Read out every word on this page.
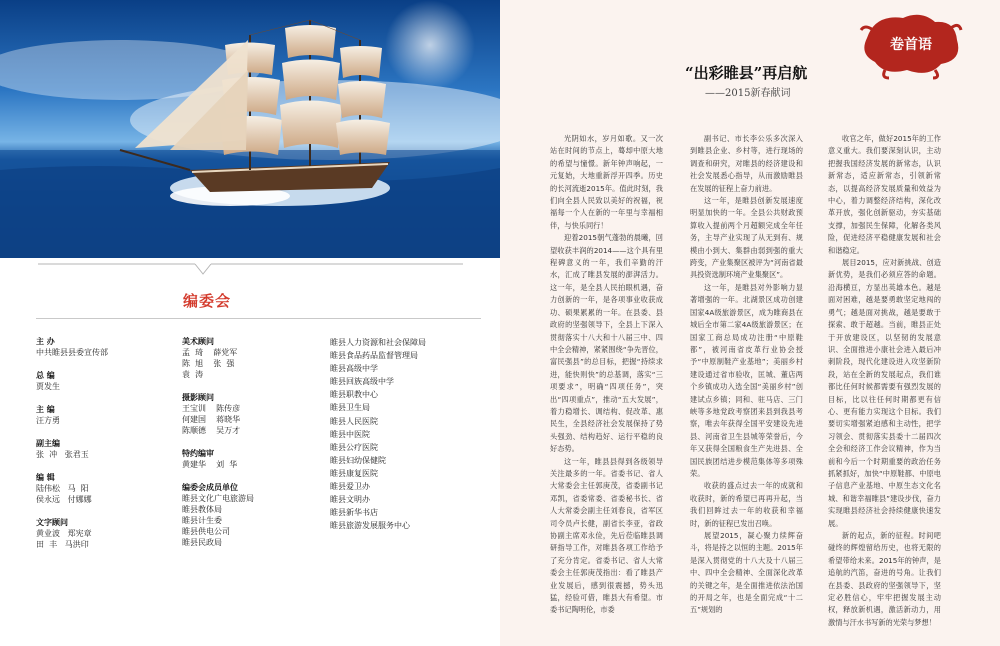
编委会
主 办
中共睢县县委宣传部
总 编
贾发生
主 编
汪方勇
副主编
张  冲   张君玉
编 辑
陆伟松   马  阳
侯永远   付娜娜
文字顾问
黄业波   郑宪章
田  丰   马洪印
美术顾问
孟  琦    薛党军
陈  旭    张  强
袁  涛
摄影顾问
王宝训    陈传彦
何建国    蒋晓华
陈顺德    吴万才
特约编审
黄建华    刘  华
编委会成员单位
睢县文化广电旅游局
睢县教体局
睢县计生委
睢县供电公司
睢县民政局
睢县人力资源和社会保障局
睢县食品药品监督管理局
睢县高级中学
睢县回族高级中学
睢县职教中心
睢县卫生局
睢县人民医院
睢县中医院
睢县公疗医院
睢县妇幼保健院
睢县康复医院
睢县爱卫办
睢县文明办
睢县新华书店
睢县旅游发展服务中心
卷首语
“出彩睢县”再启航
——2015新春献词

光阴如水，岁月如歌。又一次站在时间的节点上，蓦却中原大地的希望与憧憬。新年钟声响起，一元复始，大地重新浮开四季。历史的长河流逝2015年。值此时刻，我们向全县人民致以美好的祝福，祝福每一个人在新的一年里与幸福相伴，与快乐同行！

迎着2015朝气蓬勃的晨曦，回望收获丰润的2014——这个具有里程碑意义的一年，我们辛勤的汗水，汇成了睢县发展的澎湃活力。这一年，是全县人民拍眼机遇，奋力创新的一年，是各项事业收获成功、硕果累累的一年。在县委、县政府的坚强领导下，全县上下深入贯彻落实十八大和十八届三中、四中全会精神，紧紧围绕“争先晋位，富民强县”的总目标，把握“持续求进，能快则快”的总基调，落实“三项要求”，明确“四项任务”，突出“四项重点”，推动“五大发展”，着力稳增长、调结构、促改革、惠民生，全县经济社会发展保持了势头强劲、结构趋好、运行平稳的良好态势。

这一年，睢县县得到各级领导关注最多的一年。省委书记、省人大常委会主任郭庚茂，省委副书记邓凯，省委常委、省委秘书长、省人大常委会副主任刘春良，省军区司令员卢长健，副省长李亚，省政协副主席邓永俭，先后莅临睢县调研指导工作，对睢县各项工作给予了充分肯定。省委书记、省人大常委会主任郭庚茂指出：看了睢县产业发展后，感到很震撼，势头迅猛，经验可借，睢县大有希望。市委书记陶明伦，市委

副书记、市长李公乐多次深入到睢县企业、乡村等，进行现场的调查和研究，对睢县的经济建设和社会发展悉心指导，从而激励睢县在发展的征程上奋力前进。

这一年，是睢县创新发展速度明显加快的一年。全县公共财政预算收入提前两个月超额完成全年任务，主导产业实现了从无到有、规模由小到大、集群由弱到强的重大跨变，产业集聚区被评为“河南省最具投资选制环境产业集聚区”。

这一年，是睢县对外影响力显著增强的一年。北湖景区成功创建国家4A级旅游景区，成为睢商县在城后全市第二家4A级旅游景区；在国家工商总局成功注册“中原鞋都”，被河南省皮革行业协会授予“中原制鞋产业基地”；美丽乡村建设通过省市验收，匡城、董店两个乡镇成功入选全国“美丽乡村”创建试点乡镇；同和、驻马店、三门峡等多地党政考察团来县到我县考察，唯去年获得全国平安建设先进县、河南省卫生县城等荣誉后，今年又获得全国粮食生产先进县、全国民族团结进步模范集体等多项殊荣。

收获的盛点过去一年的成就和收获时，新的希望已再再升起，当我们回眸过去一年的收获和幸福时，新的征程已发出召唤。

展望2015，凝心聚力续辉奋斗，将是持之以恒的主题。2015年是深入贯彻党的十八大及十八届三中、四中全会精神、全面深化改革的关键之年，是全面推进依法治国的开局之年，也是全面完成“十二五”规划的

收官之年，做好2015年的工作意义重大。我们要深刻认识，主动把握我国经济发展的新常态，认识新常态，适应新常态，引领新常态，以提高经济发展质量和效益为中心，着力调整经济结构，深化改革开放，强化创新驱动，夯实基础支撑，加强民生保障，化解各类风险，促进经济平稳健康发展和社会和谐稳定。

展目2015，应对新挑战、创造新优势，是我们必须应答的命题。沿海横亘，方显出英雄本色。越是面对困难，越是要勇敢坚定地闯的勇气；越是面对挑战，越是要敢于探索、敢于超越。当前，睢县正处于开放建设区，以坚韧的发展意识、全面推进小康社会进入最后冲刺阶段，现代化建设进入攻坚新阶段，站在全新的发展起点，我们谁都比任何时候都需要有强烈发展的目标，比以往任何时期都更有信心、更有能力实现这个目标。我们要切实增强紧迫感和主动性，把学习领会、贯彻落实县委十二届四次全会和经济工作会议精神，作为当前和今后一个时期重要的政治任务抓紧抓好，加快“中原鞋都、中原电子信息产业基地、中原生态文化名城、和谐幸福睢县”建设步伐，奋力实现睢县经济社会持续健康快速发展。

新的起点，新的征程。时间吧碰终的辉煌留给历史，也将无限的希望带给未来。2015年的钟声，是追航的汽笛，奋进的号角。让我们在县委、县政府的坚强领导下，坚定必胜信心，牢牢把握发展主动权，释放新机遇，激活新动力，用激情与汗水书写新的光荣与梦想！
